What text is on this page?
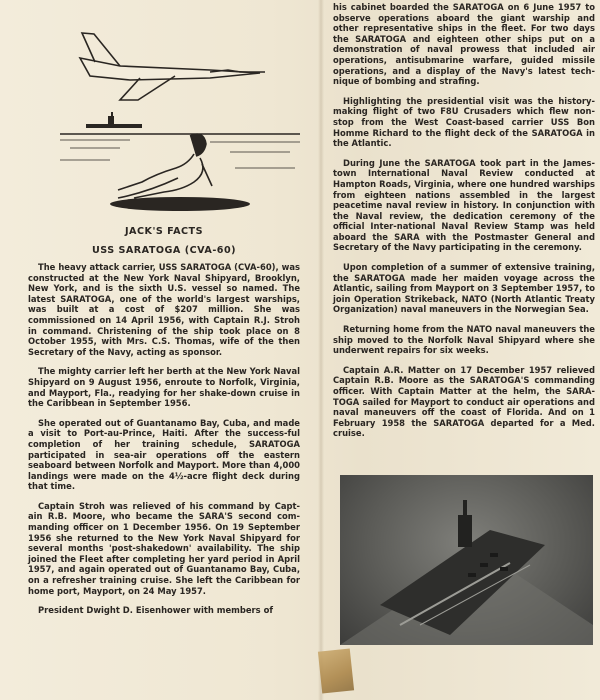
JACK'S FACTS
USS SARATOGA (CVA-60)

The heavy attack carrier, USS SARATOGA (CVA-60), was constructed at the New York Naval Shipyard, Brooklyn, New York, and is the sixth U.S. vessel so named. The latest SARATOGA, one of the world's largest warships, was built at a cost of $207 million. She was commissioned on 14 April 1956, with Captain R.J. Stroh in command. Christening of the ship took place on 8 October 1955, with Mrs. C.S. Thomas, wife of the then Secretary of the Navy, acting as sponsor.

The mighty carrier left her berth at the New York Naval Shipyard on 9 August 1956, enroute to Norfolk, Virginia, and Mayport, Fla., readying for her shake-down cruise in the Caribbean in September 1956.

She operated out of Guantanamo Bay, Cuba, and made a visit to Port-au-Prince, Haiti. After the success-ful completion of her training schedule, SARATOGA participated in sea-air operations off the eastern seaboard between Norfolk and Mayport. More than 4,000 landings were made on the 4½-acre flight deck during that time.

Captain Stroh was relieved of his command by Capt-ain R.B. Moore, who became the SARA'S second com-manding officer on 1 December 1956. On 19 September 1956 she returned to the New York Naval Shipyard for several months 'post-shakedown' availability. The ship joined the Fleet after completing her yard period in April 1957, and again operated out of Guantanamo Bay, Cuba, on a refresher training cruise. She left the Caribbean for home port, Mayport, on 24 May 1957.

President Dwight D. Eisenhower with members of

his cabinet boarded the SARATOGA on 6 June 1957 to observe operations aboard the giant warship and other representative ships in the fleet. For two days the SARATOGA and eighteen other ships put on a demonstration of naval prowess that included air operations, antisubmarine warfare, guided missile operations, and a display of the Navy's latest tech-nique of bombing and strafing.

Highlighting the presidential visit was the history-making flight of two F8U Crusaders which flew non-stop from the West Coast-based carrier USS Bon Homme Richard to the flight deck of the SARATOGA in the Atlantic.

During June the SARATOGA took part in the James-town International Naval Review conducted at Hampton Roads, Virginia, where one hundred warships from eighteen nations assembled in the largest peacetime naval review in history. In conjunction with the Naval review, the dedication ceremony of the official Inter-national Naval Review Stamp was held aboard the SARA with the Postmaster General and Secretary of the Navy participating in the ceremony.

Upon completion of a summer of extensive training, the SARATOGA made her maiden voyage across the Atlantic, sailing from Mayport on 3 September 1957, to join Operation Strikeback, NATO (North Atlantic Treaty Organization) naval maneuvers in the Norwegian Sea.

Returning home from the NATO naval maneuvers the ship moved to the Norfolk Naval Shipyard where she underwent repairs for six weeks.

Captain A.R. Matter on 17 December 1957 relieved Captain R.B. Moore as the SARATOGA'S commanding officer. With Captain Matter at the helm, the SARA-TOGA sailed for Mayport to conduct air operations and naval maneuvers off the coast of Florida. And on 1 February 1958 the SARATOGA departed for a Med. cruise.
